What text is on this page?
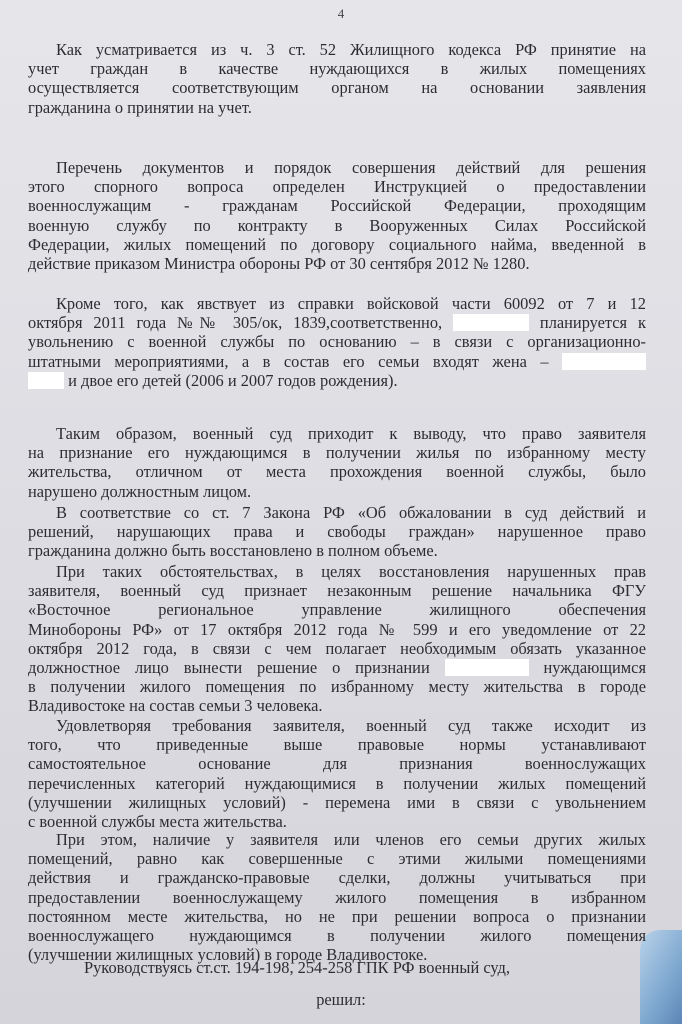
4
Как усматривается из ч. 3 ст. 52 Жилищного кодекса РФ принятие на
учет граждан в качестве нуждающихся в жилых помещениях
осуществляется соответствующим органом на основании заявления
гражданина о принятии на учет.
Перечень документов и порядок совершения действий для решения
этого спорного вопроса определен Инструкцией о предоставлении
военнослужащим - гражданам Российской Федерации, проходящим
военную службу по контракту в Вооруженных Силах Российской
Федерации, жилых помещений по договору социального найма, введенной в
действие приказом Министра обороны РФ от 30 сентября 2012 № 1280.
Кроме того, как явствует из справки войсковой части 60092 от 7 и 12
октября 2011 года №№ 305/ок, 1839,соответственно,	планируется к
увольнению с военной службы по основанию – в связи с организационно-
штатными мероприятиями, а в состав его семьи входят жена –
и двое его детей (2006 и 2007 годов рождения).
Таким образом, военный суд приходит к выводу, что право заявителя
на признание его нуждающимся в получении жилья по избранному месту
жительства, отличном от места прохождения военной службы, было
нарушено должностным лицом.
В соответствие со ст. 7 Закона РФ «Об обжаловании в суд действий и
решений, нарушающих права и свободы граждан» нарушенное право
гражданина должно быть восстановлено в полном объеме.
При таких обстоятельствах, в целях восстановления нарушенных прав
заявителя, военный суд признает незаконным решение начальника ФГУ
«Восточное региональное управление жилищного обеспечения
Минобороны РФ» от 17 октября 2012 года № 599 и его уведомление от 22
октября 2012 года, в связи с чем полагает необходимым обязать указанное
должностное лицо вынести решение о признании	нуждающимся
в получении жилого помещения по избранному месту жительства в городе
Владивостоке на состав семьи 3 человека.
Удовлетворяя требования заявителя, военный суд также исходит из
того, что приведенные выше правовые нормы устанавливают
самостоятельное основание для признания военнослужащих
перечисленных категорий нуждающимися в получении жилых помещений
(улучшении жилищных условий) - перемена ими в связи с увольнением
с военной службы места жительства.
При этом, наличие у заявителя или членов его семьи других жилых
помещений, равно как совершенные с этими жилыми помещениями
действия и гражданско-правовые сделки, должны учитываться при
предоставлении военнослужащему жилого помещения в избранном
постоянном месте жительства, но не при решении вопроса о признании
военнослужащего нуждающимся в получении жилого помещения
(улучшении жилищных условий) в городе Владивостоке.
Руководствуясь ст.ст. 194-198, 254-258 ГПК РФ военный суд,
решил:
